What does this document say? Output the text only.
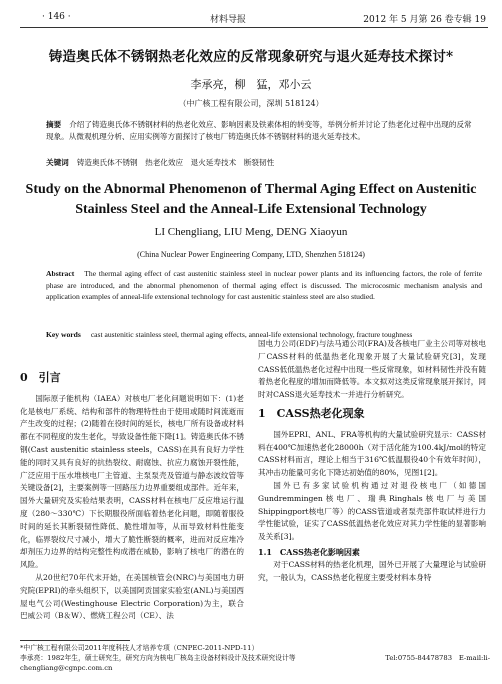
· 146 ·	材料导报	2012 年 5 月第 26 卷专辑 19
铸造奥氏体不锈钢热老化效应的反常现象研究与退火延寿技术探讨*
李承亮，柳　猛，邓小云
（中广核工程有限公司，深圳 518124）
摘要 介绍了铸造奥氏体不锈钢材料的热老化效应、影响因素及铁素体相的转变等，举例分析并讨论了热老化过程中出现的反常现象。从微观机理分析、应用实例等方面探讨了核电厂铸造奥氏体不锈钢材料的退火延寿技术。
关键词 铸造奥氏体不锈钢　热老化效应　退火延寿技术　断裂韧性
Study on the Abnormal Phenomenon of Thermal Aging Effect on Austenitic
Stainless Steel and the Anneal-Life Extensional Technology
LI Chengliang, LIU Meng, DENG Xiaoyun
(China Nuclear Power Engineering Company, LTD, Shenzhen 518124)
Abstract The thermal aging effect of cast austenitic stainless steel in nuclear power plants and its influencing factors, the role of ferrite phase are introduced, and the abnormal phenomenon of thermal aging effect is discussed. The microcosmic mechanism analysis and application examples of anneal-life extensional technology for cast austenitic stainless steel are also studied.
Key words cast austenitic stainless steel, thermal aging effects, anneal-life extensional technology, fracture toughness
0　引言

国际原子能机构（IAEA）对核电厂老化问题说明如下：(1)老化是核电厂系统、结构和部件的物理特性由于使用或随时间流逝而产生改变的过程；(2)随着在役时间的延长，核电厂所有设备或材料都在不同程度的发生老化，导致设备性能下降[1]。铸造奥氏体不锈钢(Cast austenitic stainless steels，CASS)在具有良好力学性能的同时又具有良好的抗热裂纹、耐腐蚀、抗应力腐蚀开裂性能，广泛应用于压水堆核电厂主管道、主泵泵壳及管道与静态波纹管等关键设备[2]，主要案例等一回路压力边界重要组成部件。近年来，国外大量研究及实验结果表明，CASS材料在核电厂反应堆运行温度（280～330℃）下长期服役所面临着热老化问题，即随着服役时间的延长其断裂韧性降低、脆性增加等，从而导致材料性能变化，临界裂纹尺寸减小，增大了脆性断裂的概率，进而对反应堆冷却剂压力边界的结构完整性构成潜在威胁，影响了核电厂的潜在的风险。

从20世纪70年代末开始，在美国核管会(NRC)与美国电力研究院(EPRI)的牵头组织下，以美国阿贡国家实验室(ANL)与美国西屋电气公司(Westinghouse Electric Corporation)为主，联合巴威公司（B＆W）、燃烧工程公司（CE）、法

国电力公司(EDF)与法马通公司(FRA)及各核电厂业主公司等对核电厂CASS材料的低温热老化现象开展了大量试验研究[3]，发现CASS低低温热老化过程中出现一些反常现象，如材料韧性并没有随着热老化程度的增加而降低等。本文拟对这类反常现象展开探讨，同时对CASS退火延寿技术一并进行分析研究。

1　CASS热老化现象

国外EPRI、ANL、FRA等机构的大量试验研究显示：CASS材料在400℃加速热老化28000h（对于活化能为100.4kJ/mol的特定CASS材料而言，理论上相当于316℃低温服役40个有效年时间），其冲击功能量可劣化下降达初始值的80%，见图1[2]。

国外已有多家试验机构通过对退役核电厂（如德国Gundremmingen核电厂、瑞典Ringhals核电厂与美国Shippingport核电厂等）的CASS管道或者泵壳部件取试样进行力学性能试验，证实了CASS低温热老化效应对其力学性能的显著影响及关系[3]。

1.1　CASS热老化影响因素

对于CASS材料的热老化机理，国外已开展了大量理论与试验研究，一般认为，CASS热老化程度主要受材料本身特

*中广核工程有限公司2011年度科技人才培养专项（CNPEC-2011-NPD-11）
李承亮：1982年生，硕士研究生，研究方向为核电厂核岛主设备材料设计及技术研究设计等	Tel:0755-84478783　E-mail:li-
chengliang@cgnpc.com.cn
